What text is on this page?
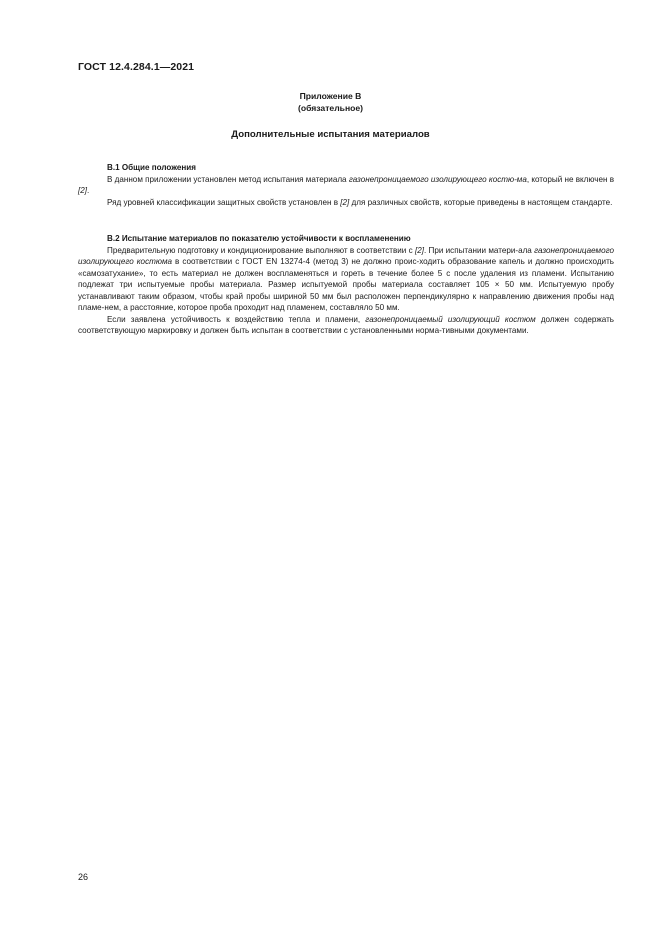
ГОСТ 12.4.284.1—2021
Приложение В
(обязательное)
Дополнительные испытания материалов

В.1 Общие положения

В данном приложении установлен метод испытания материала газонепроницаемого изолирующего костю-ма, который не включен в [2].

Ряд уровней классификации защитных свойств установлен в [2] для различных свойств, которые приведены в настоящем стандарте.

В.2 Испытание материалов по показателю устойчивости к воспламенению

Предварительную подготовку и кондиционирование выполняют в соответствии с [2]. При испытании матери-ала газонепроницаемого изолирующего костюма в соответствии с ГОСТ EN 13274-4 (метод 3) не должно проис-ходить образование капель и должно происходить «самозатухание», то есть материал не должен воспламеняться и гореть в течение более 5 с после удаления из пламени. Испытанию подлежат три испытуемые пробы материала. Размер испытуемой пробы материала составляет 105 × 50 мм. Испытуемую пробу устанавливают таким образом, чтобы край пробы шириной 50 мм был расположен перпендикулярно к направлению движения пробы над пламе-нем, а расстояние, которое проба проходит над пламенем, составляло 50 мм.

Если заявлена устойчивость к воздействию тепла и пламени, газонепроницаемый изолирующий костюм должен содержать соответствующую маркировку и должен быть испытан в соответствии с установленными норма-тивными документами.

26
